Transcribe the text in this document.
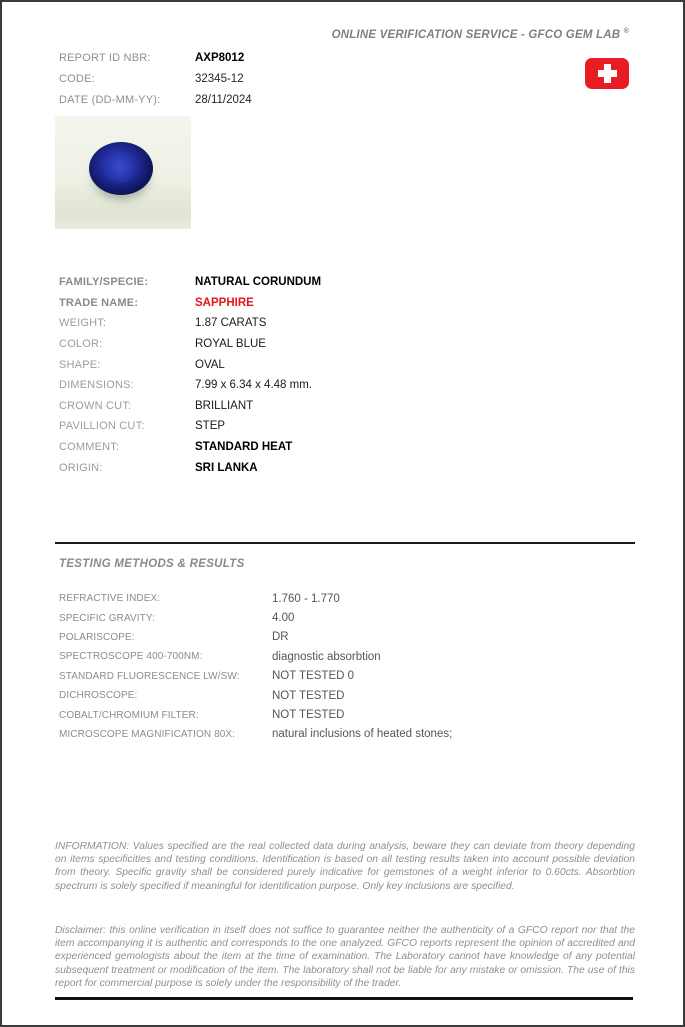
ONLINE VERIFICATION SERVICE - GFCO GEM LAB ®
REPORT ID NBR:	AXP8012
CODE:	32345-12
DATE (DD-MM-YY):	28/11/2024
FAMILY/SPECIE:	NATURAL CORUNDUM
TRADE NAME:	SAPPHIRE
WEIGHT:	1.87 CARATS
COLOR:	ROYAL BLUE
SHAPE:	OVAL
DIMENSIONS:	7.99 x 6.34 x 4.48 mm.
CROWN CUT:	BRILLIANT
PAVILLION CUT:	STEP
COMMENT:	STANDARD HEAT
ORIGIN:	SRI LANKA
TESTING METHODS & RESULTS
REFRACTIVE INDEX:	1.760 - 1.770
SPECIFIC GRAVITY:	4.00
POLARISCOPE:	DR
SPECTROSCOPE 400-700NM:	diagnostic absorbtion
STANDARD FLUORESCENCE LW/SW:	NOT TESTED 0
DICHROSCOPE:	NOT TESTED
COBALT/CHROMIUM FILTER:	NOT TESTED
MICROSCOPE MAGNIFICATION 80X:	natural inclusions of heated stones;
INFORMATION: Values specified are the real collected data during analysis, beware they can deviate from theory depending on items specificities and testing conditions. Identification is based on all testing results taken into account possible deviation from theory. Specific gravity shall be considered purely indicative for gemstones of a weight inferior to 0.60cts. Absorbtion spectrum is solely specified if meaningful for identification purpose. Only key inclusions are specified.
Disclaimer: this online verification in itself does not suffice to guarantee neither the authenticity of a GFCO report nor that the item accompanying it is authentic and corresponds to the one analyzed. GFCO reports represent the opinion of accredited and experienced gemologists about the item at the time of examination. The Laboratory cannot have knowledge of any potential subsequent treatment or modification of the item. The laboratory shall not be liable for any mistake or omission. The use of this report for commercial purpose is solely under the responsibility of the trader.
